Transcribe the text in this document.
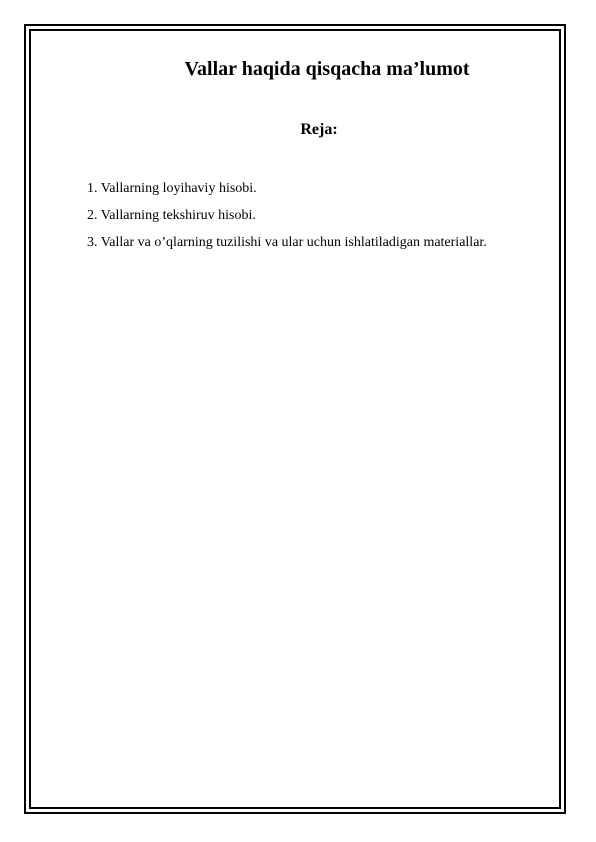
Vallar haqida qisqacha ma’lumot
Reja:
1. Vallarning loyihaviy hisobi.
2. Vallarning tekshiruv hisobi.
3. Vallar va o’qlarning tuzilishi va ular uchun ishlatiladigan materiallar.
